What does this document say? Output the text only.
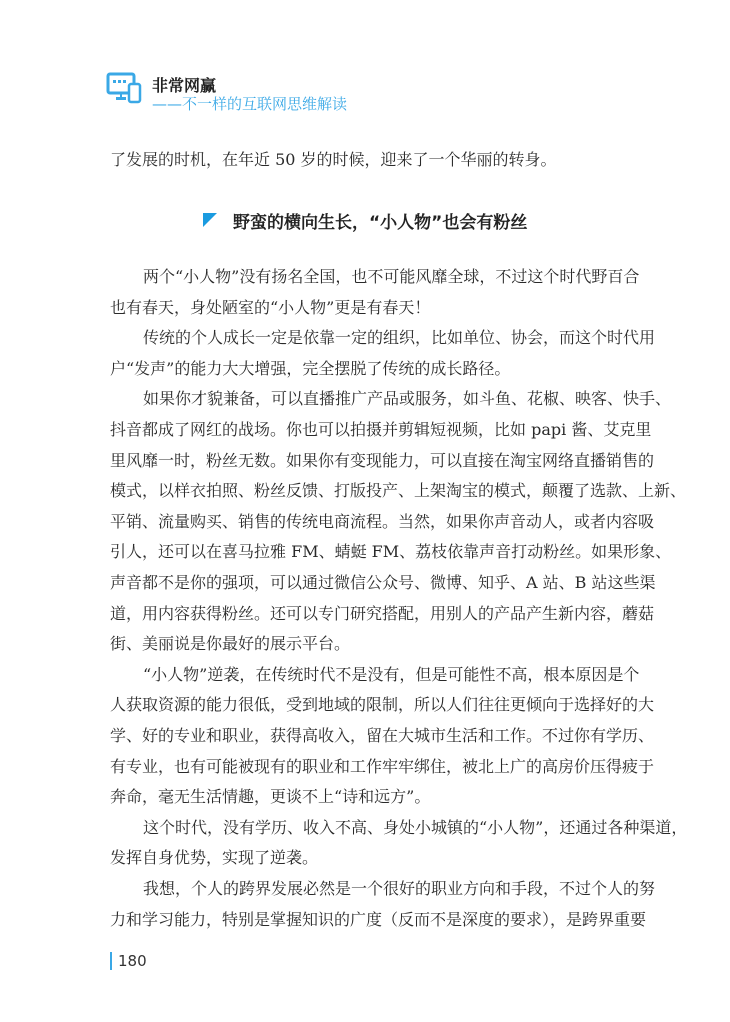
非常网赢
——不一样的互联网思维解读
了发展的时机，在年近 50 岁的时候，迎来了一个华丽的转身。
野蛮的横向生长，“小人物”也会有粉丝
两个“小人物”没有扬名全国，也不可能风靡全球，不过这个时代野百合
也有春天，身处陋室的“小人物”更是有春天！
传统的个人成长一定是依靠一定的组织，比如单位、协会，而这个时代用
户“发声”的能力大大增强，完全摆脱了传统的成长路径。
如果你才貌兼备，可以直播推广产品或服务，如斗鱼、花椒、映客、快手、
抖音都成了网红的战场。你也可以拍摄并剪辑短视频，比如 papi 酱、艾克里
里风靡一时，粉丝无数。如果你有变现能力，可以直接在淘宝网络直播销售的
模式，以样衣拍照、粉丝反馈、打版投产、上架淘宝的模式，颠覆了选款、上新、
平销、流量购买、销售的传统电商流程。当然，如果你声音动人，或者内容吸
引人，还可以在喜马拉雅 FM、蜻蜓 FM、荔枝依靠声音打动粉丝。如果形象、
声音都不是你的强项，可以通过微信公众号、微博、知乎、A 站、B 站这些渠
道，用内容获得粉丝。还可以专门研究搭配，用别人的产品产生新内容，蘑菇
街、美丽说是你最好的展示平台。
“小人物”逆袭，在传统时代不是没有，但是可能性不高，根本原因是个
人获取资源的能力很低，受到地域的限制，所以人们往往更倾向于选择好的大
学、好的专业和职业，获得高收入，留在大城市生活和工作。不过你有学历、
有专业，也有可能被现有的职业和工作牢牢绑住，被北上广的高房价压得疲于
奔命，毫无生活情趣，更谈不上“诗和远方”。
这个时代，没有学历、收入不高、身处小城镇的“小人物”，还通过各种渠道，
发挥自身优势，实现了逆袭。
我想，个人的跨界发展必然是一个很好的职业方向和手段，不过个人的努
力和学习能力，特别是掌握知识的广度（反而不是深度的要求），是跨界重要
180
